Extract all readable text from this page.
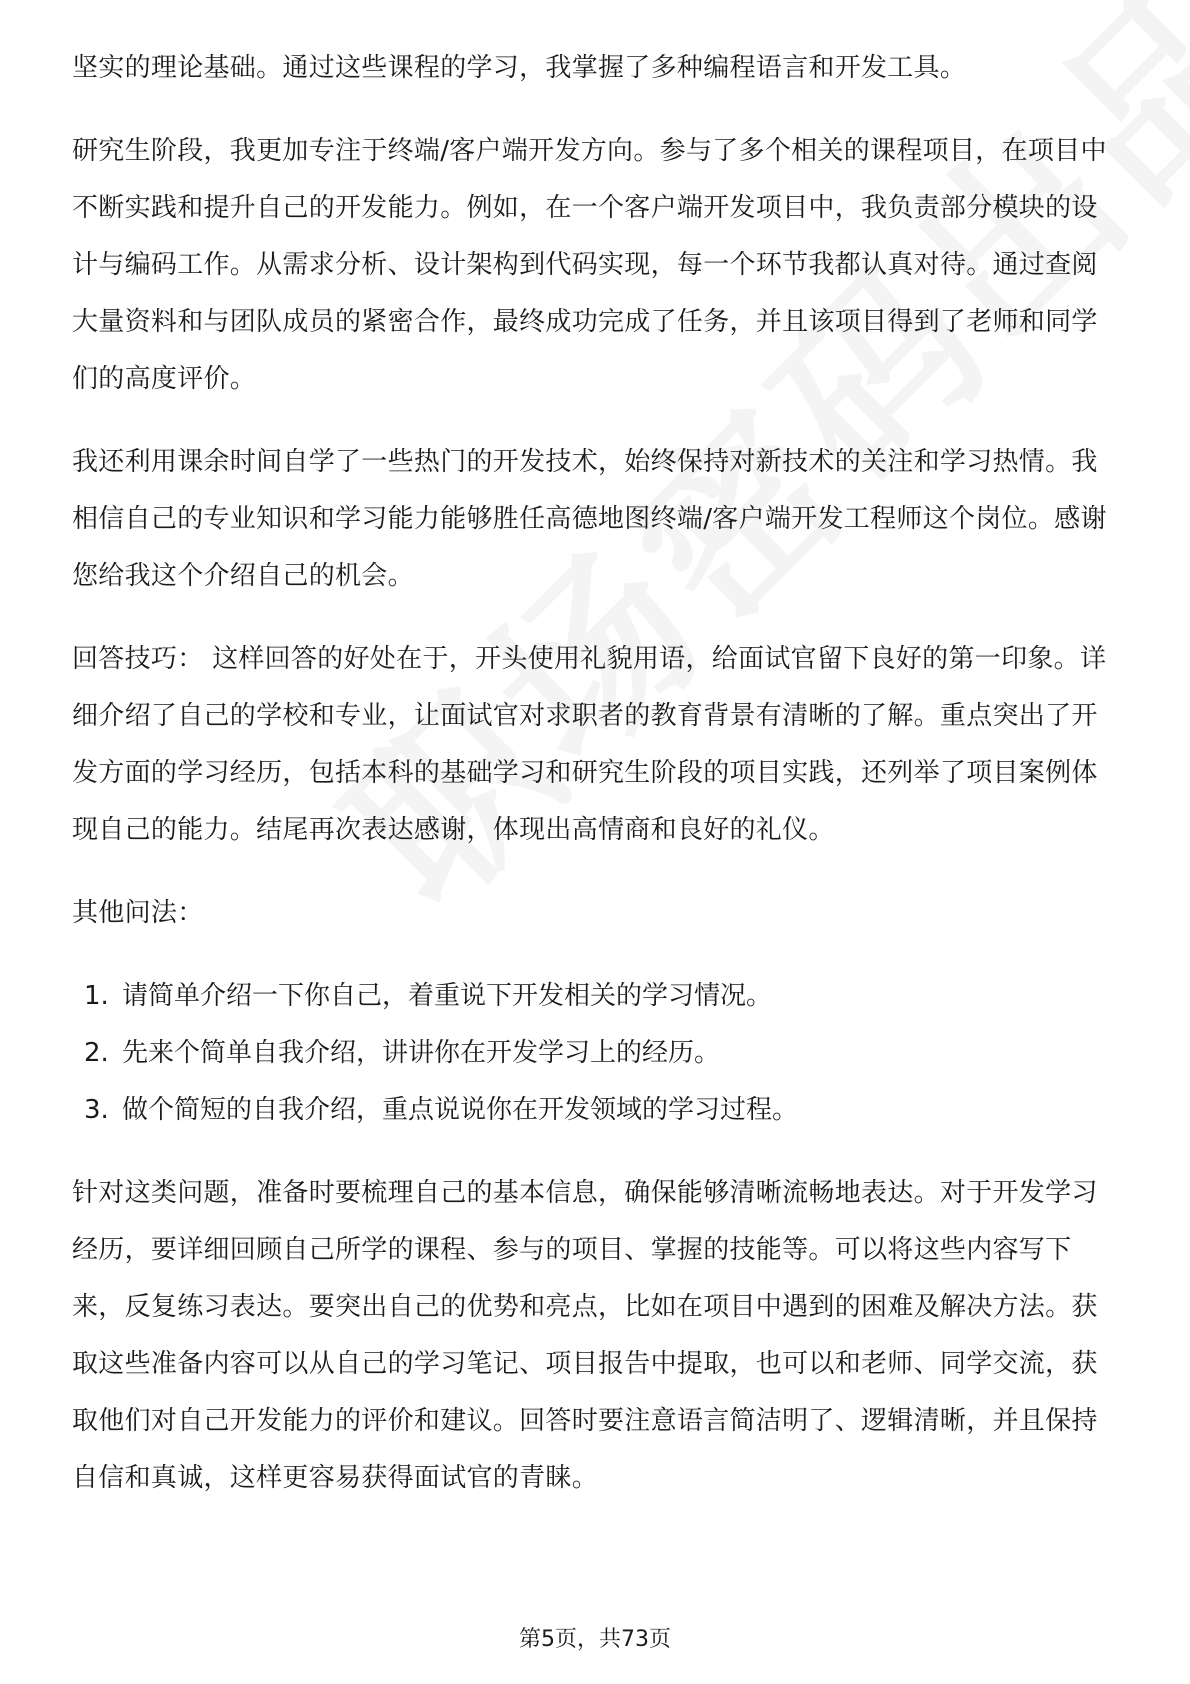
坚实的理论基础。通过这些课程的学习，我掌握了多种编程语言和开发工具。

研究生阶段，我更加专注于终端/客户端开发方向。参与了多个相关的课程项目，在项目中不断实践和提升自己的开发能力。例如，在一个客户端开发项目中，我负责部分模块的设计与编码工作。从需求分析、设计架构到代码实现，每一个环节我都认真对待。通过查阅大量资料和与团队成员的紧密合作，最终成功完成了任务，并且该项目得到了老师和同学们的高度评价。

我还利用课余时间自学了一些热门的开发技术，始终保持对新技术的关注和学习热情。我相信自己的专业知识和学习能力能够胜任高德地图终端/客户端开发工程师这个岗位。感谢您给我这个介绍自己的机会。

回答技巧： 这样回答的好处在于，开头使用礼貌用语，给面试官留下良好的第一印象。详细介绍了自己的学校和专业，让面试官对求职者的教育背景有清晰的了解。重点突出了开发方面的学习经历，包括本科的基础学习和研究生阶段的项目实践，还列举了项目案例体现自己的能力。结尾再次表达感谢，体现出高情商和良好的礼仪。

其他问法：

1. 请简单介绍一下你自己，着重说下开发相关的学习情况。
2. 先来个简单自我介绍，讲讲你在开发学习上的经历。
3. 做个简短的自我介绍，重点说说你在开发领域的学习过程。

针对这类问题，准备时要梳理自己的基本信息，确保能够清晰流畅地表达。对于开发学习经历，要详细回顾自己所学的课程、参与的项目、掌握的技能等。可以将这些内容写下来，反复练习表达。要突出自己的优势和亮点，比如在项目中遇到的困难及解决方法。获取这些准备内容可以从自己的学习笔记、项目报告中提取，也可以和老师、同学交流，获取他们对自己开发能力的评价和建议。回答时要注意语言简洁明了、逻辑清晰，并且保持自信和真诚，这样更容易获得面试官的青睐。

第5页，共73页
